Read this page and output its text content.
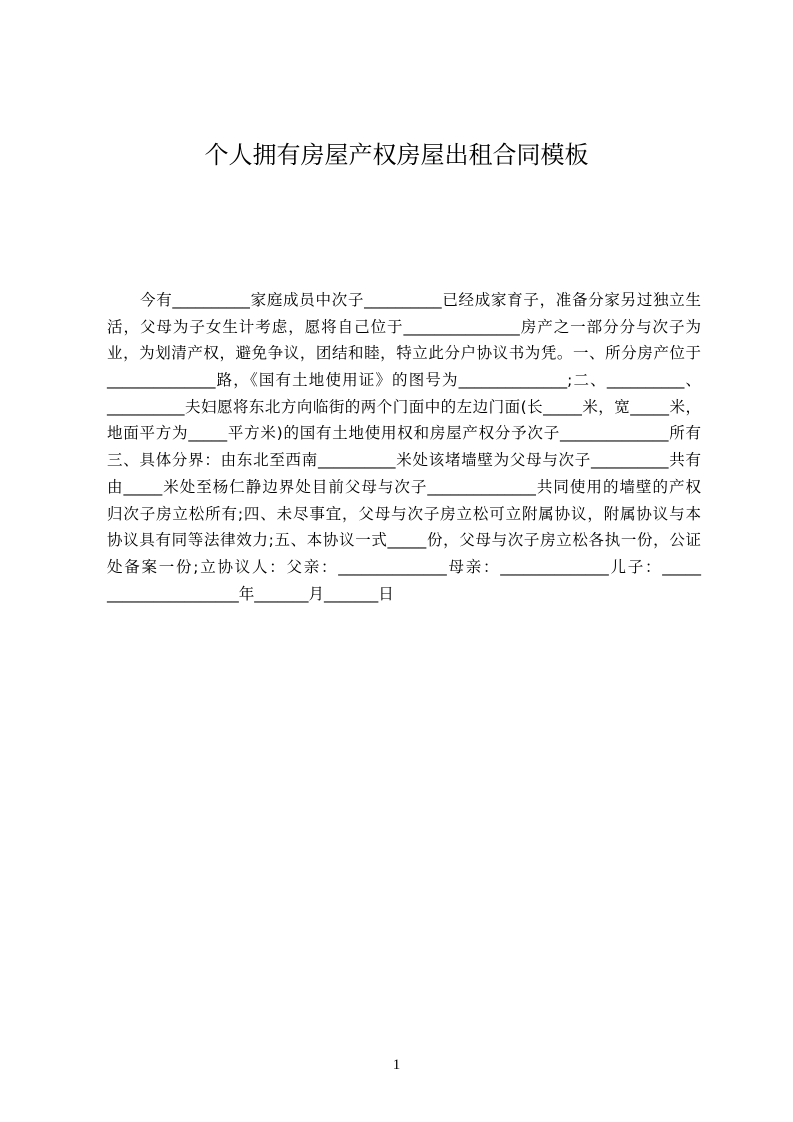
个人拥有房屋产权房屋出租合同模板
今有__________家庭成员中次子__________已经成家育子，准备分家另过独立生
活，父母为子女生计考虑，愿将自己位于_______________房产之一部分分与次子为
业，为划清产权，避免争议，团结和睦，特立此分户协议书为凭。一、所分房产位于
______________路，《国有土地使用证》的图号为______________;二、__________、
__________夫妇愿将东北方向临街的两个门面中的左边门面(长_____米，宽_____米，
地面平方为_____平方米)的国有土地使用权和房屋产权分予次子______________所有
三、具体分界：由东北至西南__________米处该堵墙壁为父母与次子__________共有
由_____米处至杨仁静边界处目前父母与次子______________共同使用的墙壁的产权
归次子房立松所有;四、未尽事宜，父母与次子房立松可立附属协议，附属协议与本
协议具有同等法律效力;五、本协议一式_____份，父母与次子房立松各执一份，公证
处备案一份;立协议人：父亲：______________母亲：______________儿子：_____
_________________年_______月_______日
1
